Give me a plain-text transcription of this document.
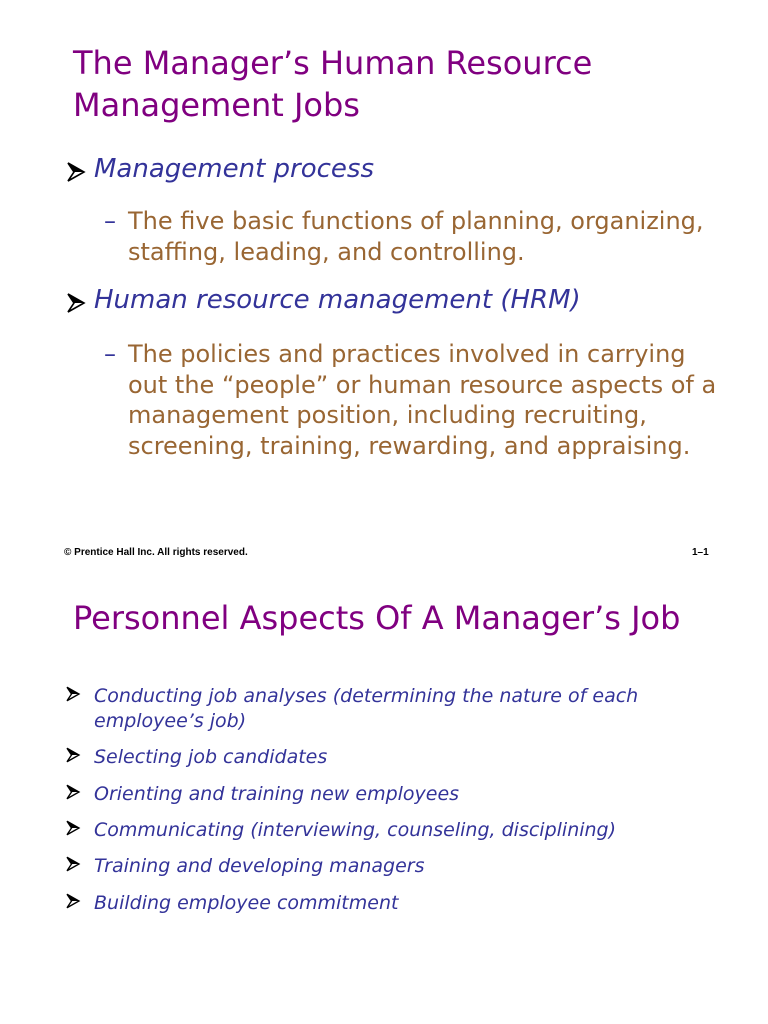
The Manager’s Human Resource Management Jobs
Management process
– The five basic functions of planning, organizing, staffing, leading, and controlling.
Human resource management (HRM)
– The policies and practices involved in carrying out the “people” or human resource aspects of a management position, including recruiting, screening, training, rewarding, and appraising.
© Prentice Hall Inc. All rights reserved.	1–1
Personnel Aspects Of A Manager’s Job
Conducting job analyses (determining the nature of each employee’s job)
Selecting job candidates
Orienting and training new employees
Communicating (interviewing, counseling, disciplining)
Training and developing managers
Building employee commitment
